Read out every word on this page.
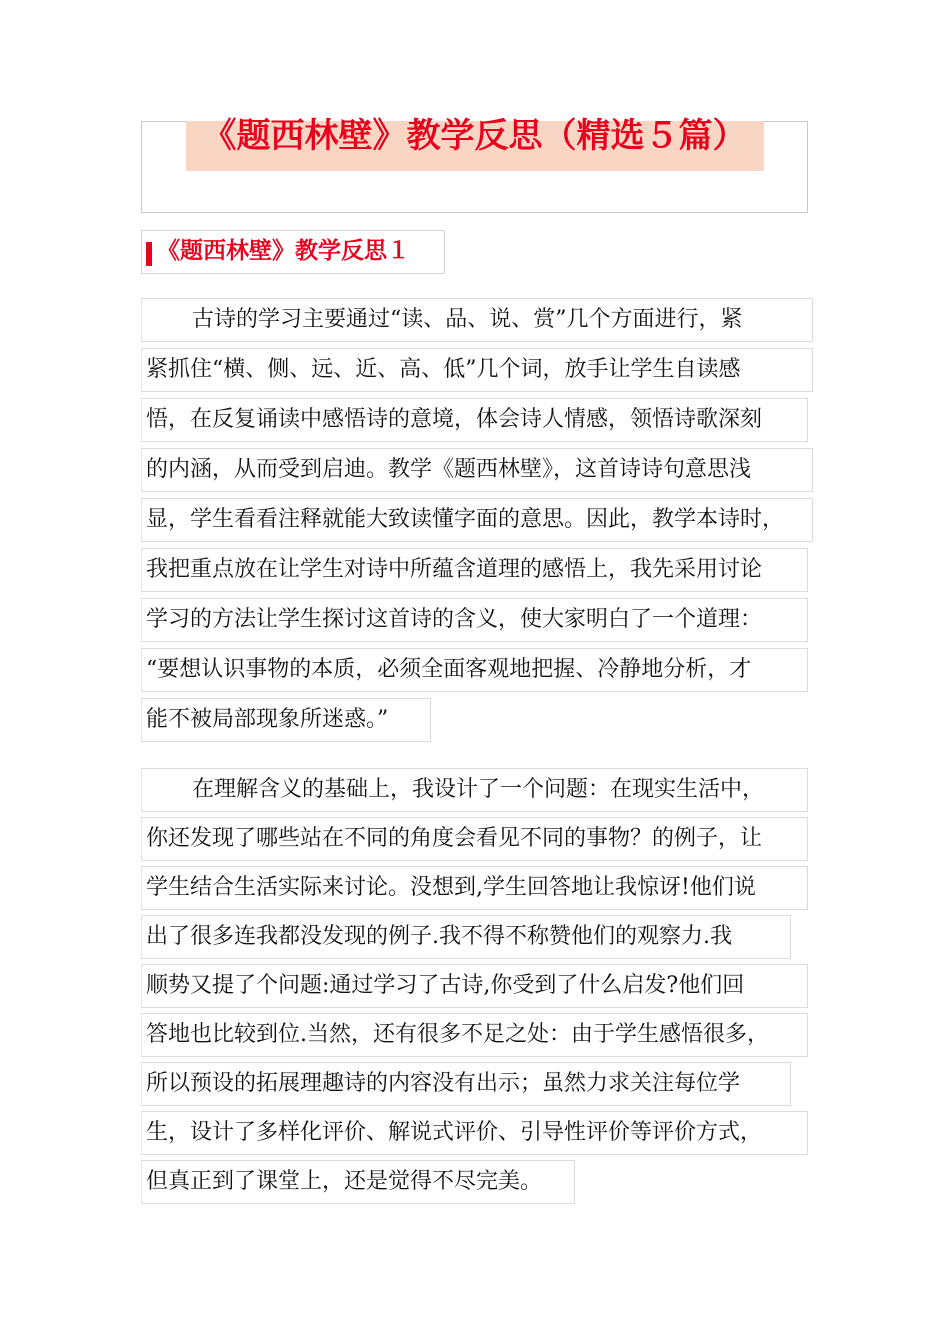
《题西林壁》教学反思（精选５篇）
《题西林壁》教学反思１
古诗的学习主要通过“读、品、说、赏”几个方面进行，紧
紧抓住“横、侧、远、近、高、低”几个词，放手让学生自读感
悟，在反复诵读中感悟诗的意境，体会诗人情感，领悟诗歌深刻
的内涵，从而受到启迪。教学《题西林壁》，这首诗诗句意思浅
显，学生看看注释就能大致读懂字面的意思。因此，教学本诗时，
我把重点放在让学生对诗中所蕴含道理的感悟上，我先采用讨论
学习的方法让学生探讨这首诗的含义，使大家明白了一个道理：
“要想认识事物的本质，必须全面客观地把握、冷静地分析，才
能不被局部现象所迷惑。”
在理解含义的基础上，我设计了一个问题：在现实生活中，
你还发现了哪些站在不同的角度会看见不同的事物？的例子，让
学生结合生活实际来讨论。没想到,学生回答地让我惊讶!他们说
出了很多连我都没发现的例子.我不得不称赞他们的观察力.我
顺势又提了个问题:通过学习了古诗,你受到了什么启发?他们回
答地也比较到位.当然，还有很多不足之处：由于学生感悟很多，
所以预设的拓展理趣诗的内容没有出示；虽然力求关注每位学
生，设计了多样化评价、解说式评价、引导性评价等评价方式，
但真正到了课堂上，还是觉得不尽完美。
